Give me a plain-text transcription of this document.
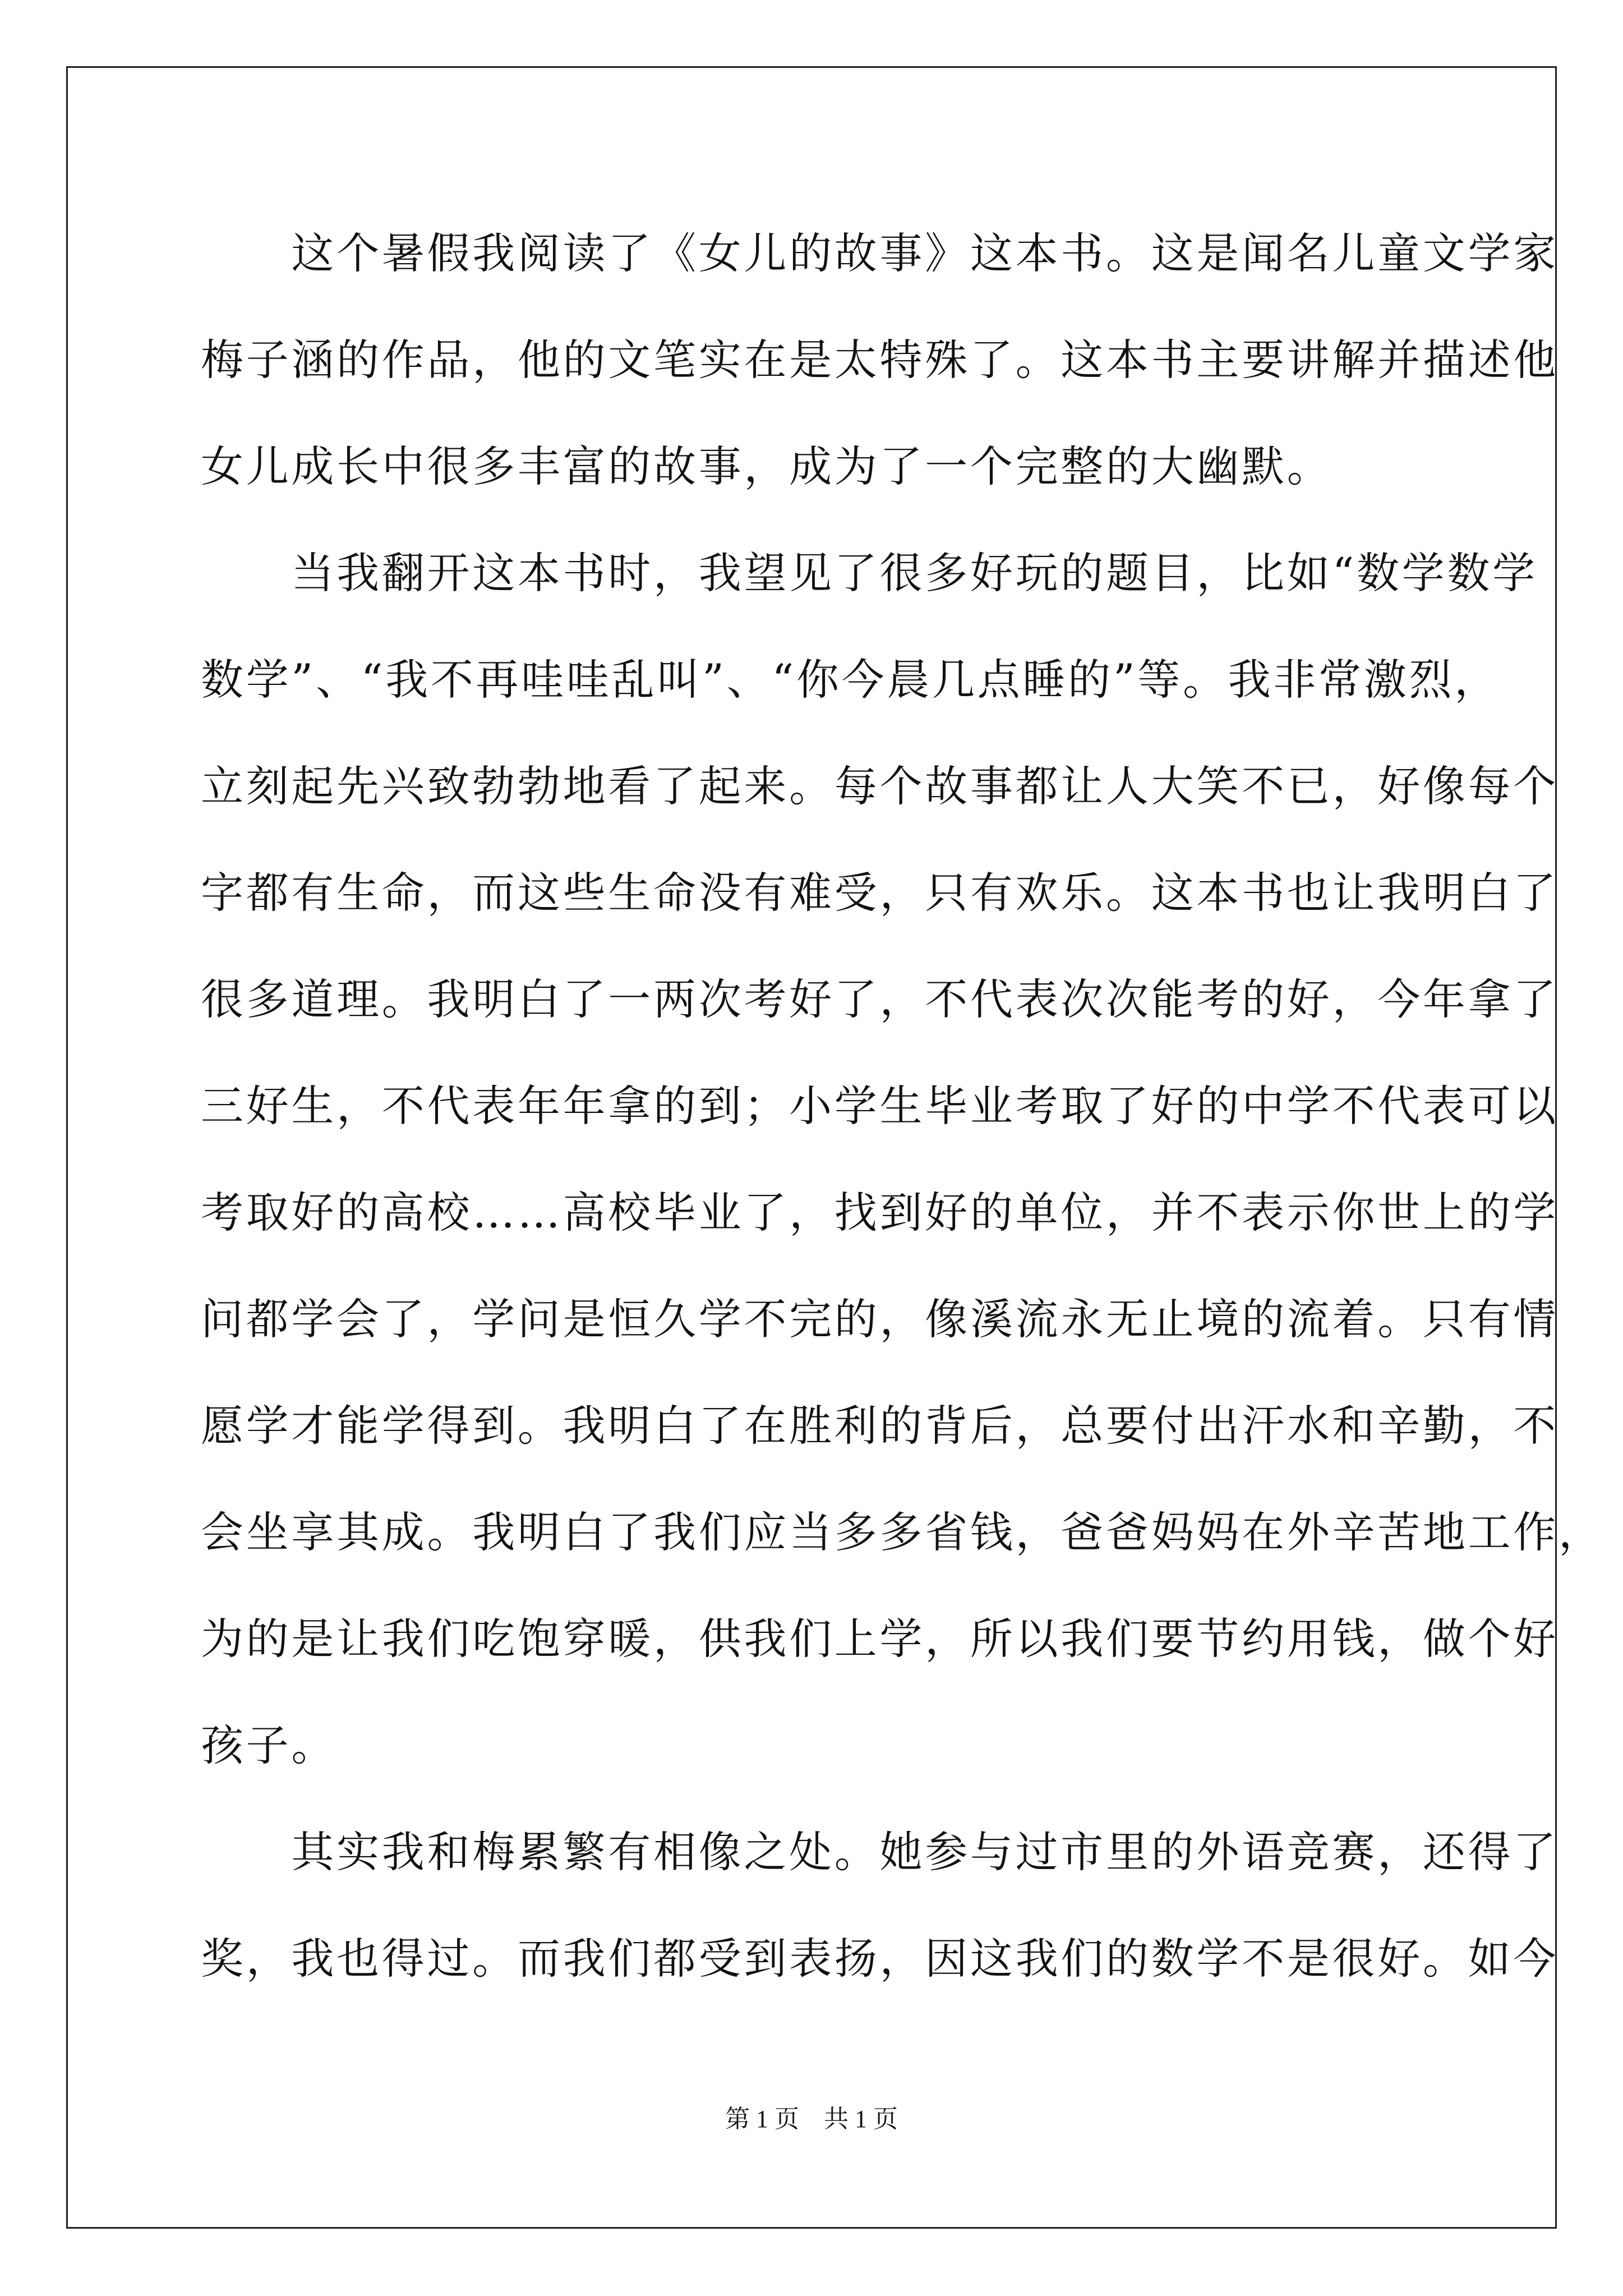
　　这个暑假我阅读了《女儿的故事》这本书。这是闻名儿童文学家
梅子涵的作品，他的文笔实在是太特殊了。这本书主要讲解并描述他
女儿成长中很多丰富的故事，成为了一个完整的大幽默。
　　当我翻开这本书时，我望见了很多好玩的题目，比如“数学数学
数学”、“我不再哇哇乱叫”、“你今晨几点睡的”等。我非常激烈，
立刻起先兴致勃勃地看了起来。每个故事都让人大笑不已，好像每个
字都有生命，而这些生命没有难受，只有欢乐。这本书也让我明白了
很多道理。我明白了一两次考好了，不代表次次能考的好，今年拿了
三好生，不代表年年拿的到；小学生毕业考取了好的中学不代表可以
考取好的高校……高校毕业了，找到好的单位，并不表示你世上的学
问都学会了，学问是恒久学不完的，像溪流永无止境的流着。只有情
愿学才能学得到。我明白了在胜利的背后，总要付出汗水和辛勤，不
会坐享其成。我明白了我们应当多多省钱，爸爸妈妈在外辛苦地工作，
为的是让我们吃饱穿暖，供我们上学，所以我们要节约用钱，做个好
孩子。
　　其实我和梅累繁有相像之处。她参与过市里的外语竞赛，还得了
奖，我也得过。而我们都受到表扬，因这我们的数学不是很好。如今
第 1 页 共 1 页
